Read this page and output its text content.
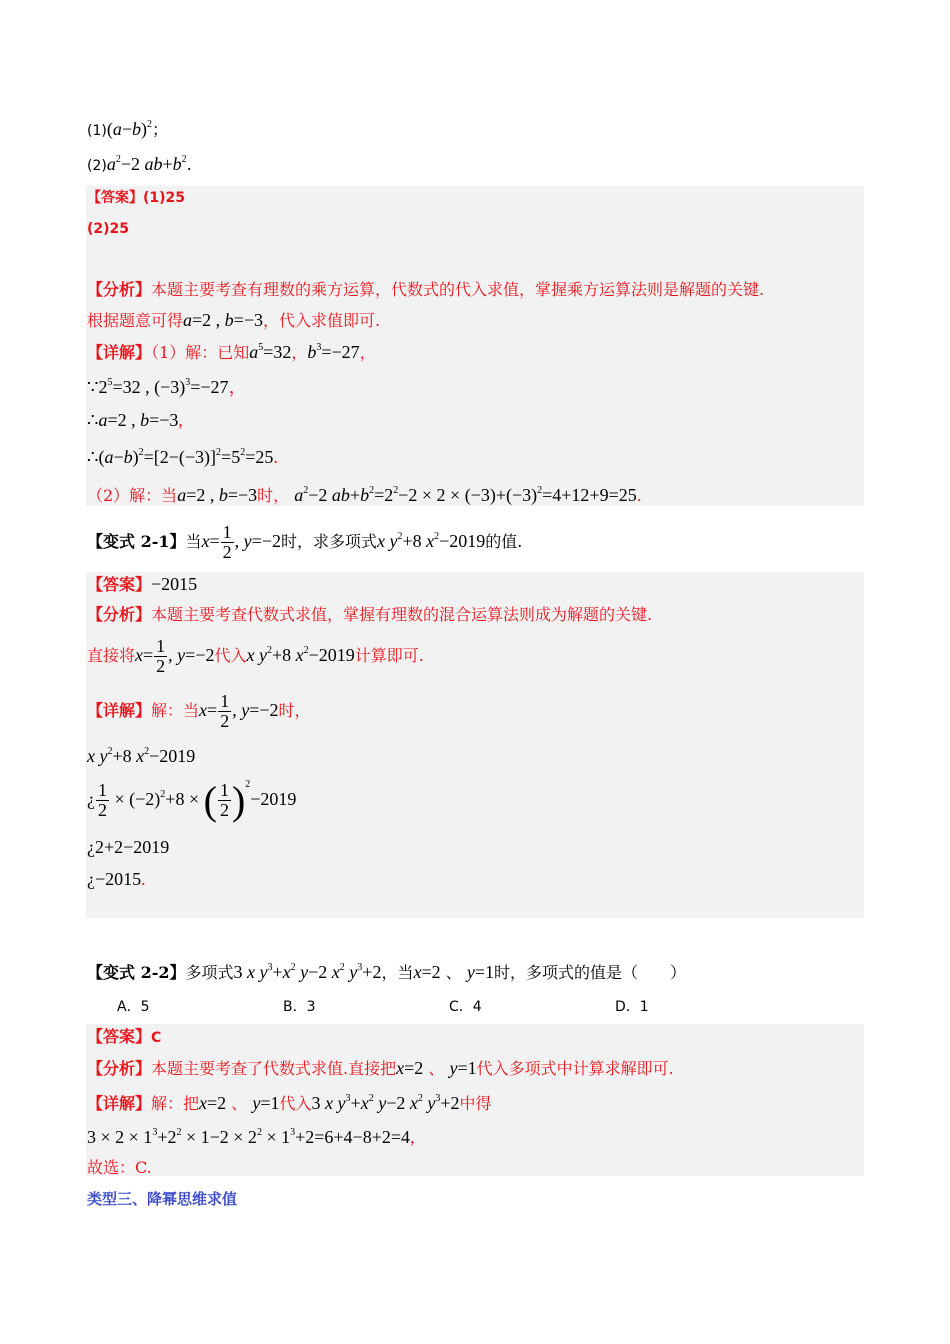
$(1)(a-b)^2$；
$(2)a^2-2$ $ab+b^2$.
【答案】(1)25
(2)25
【分析】本题主要考查有理数的乘方运算，代数式的代入求值，掌握乘方运算法则是解题的关键.
根据题意可得a=2 , b=−3，代入求值即可.
【详解】（1）解：已知$a^5=32$，$b^3=-27$，
$\because 2^5=32$ , $(-3)^3=-27$，
∴a=2 , b=−3,
$\therefore(a-b)^2=[2-(-3)]^2=5^2=25$.
（2）解：当a=2 , b=−3时， $a^2-2$ $ab+b^2=2^2-2 \times 2 \times (-3)+(-3)^2=4+12+9=25$.
【变式 2-1】当$x= \frac{1}{2}$ , y=−2时，求多项式x $y^2+8$ $x^2-2019$的值.
【答案】−2015
【分析】本题主要考查代数式求值，掌握有理数的混合运算法则成为解题的关键.
直接将$x= \frac{1}{2}$ , y=−2代入x $y^2+8$ $x^2-2019$计算即可.
【详解】解：当$x= \frac{1}{2}$ , y=−2时，
x $y^2+8$ $x^2-2019$
¿ $\frac{1}{2} \times (-2)^2+8$ × ( $\frac{1}{2} )^2-2019$
¿2+2−2019
¿−2015.
【变式 2-2】多项式3 x $y^3+x^2$ y−2 $x^2$ $y^3+2$，当x=2 、 y=1时，多项式的值是（　　）
A．5	B．3	C．4	D．1
【答案】C
【分析】本题主要考查了代数式求值.直接把x=2 、 y=1代入多项式中计算求解即可.
【详解】解：把x=2 、 y=1代入3 x $y^3+x^2$ y−2 $x^2$ $y^3+2$中得
$3 \times 2 \times 1^3+2^2 \times 1-2 \times 2^2 \times 1^3+2=6+4-8+2=4$,
故选：C.
类型三、降幂思维求值
